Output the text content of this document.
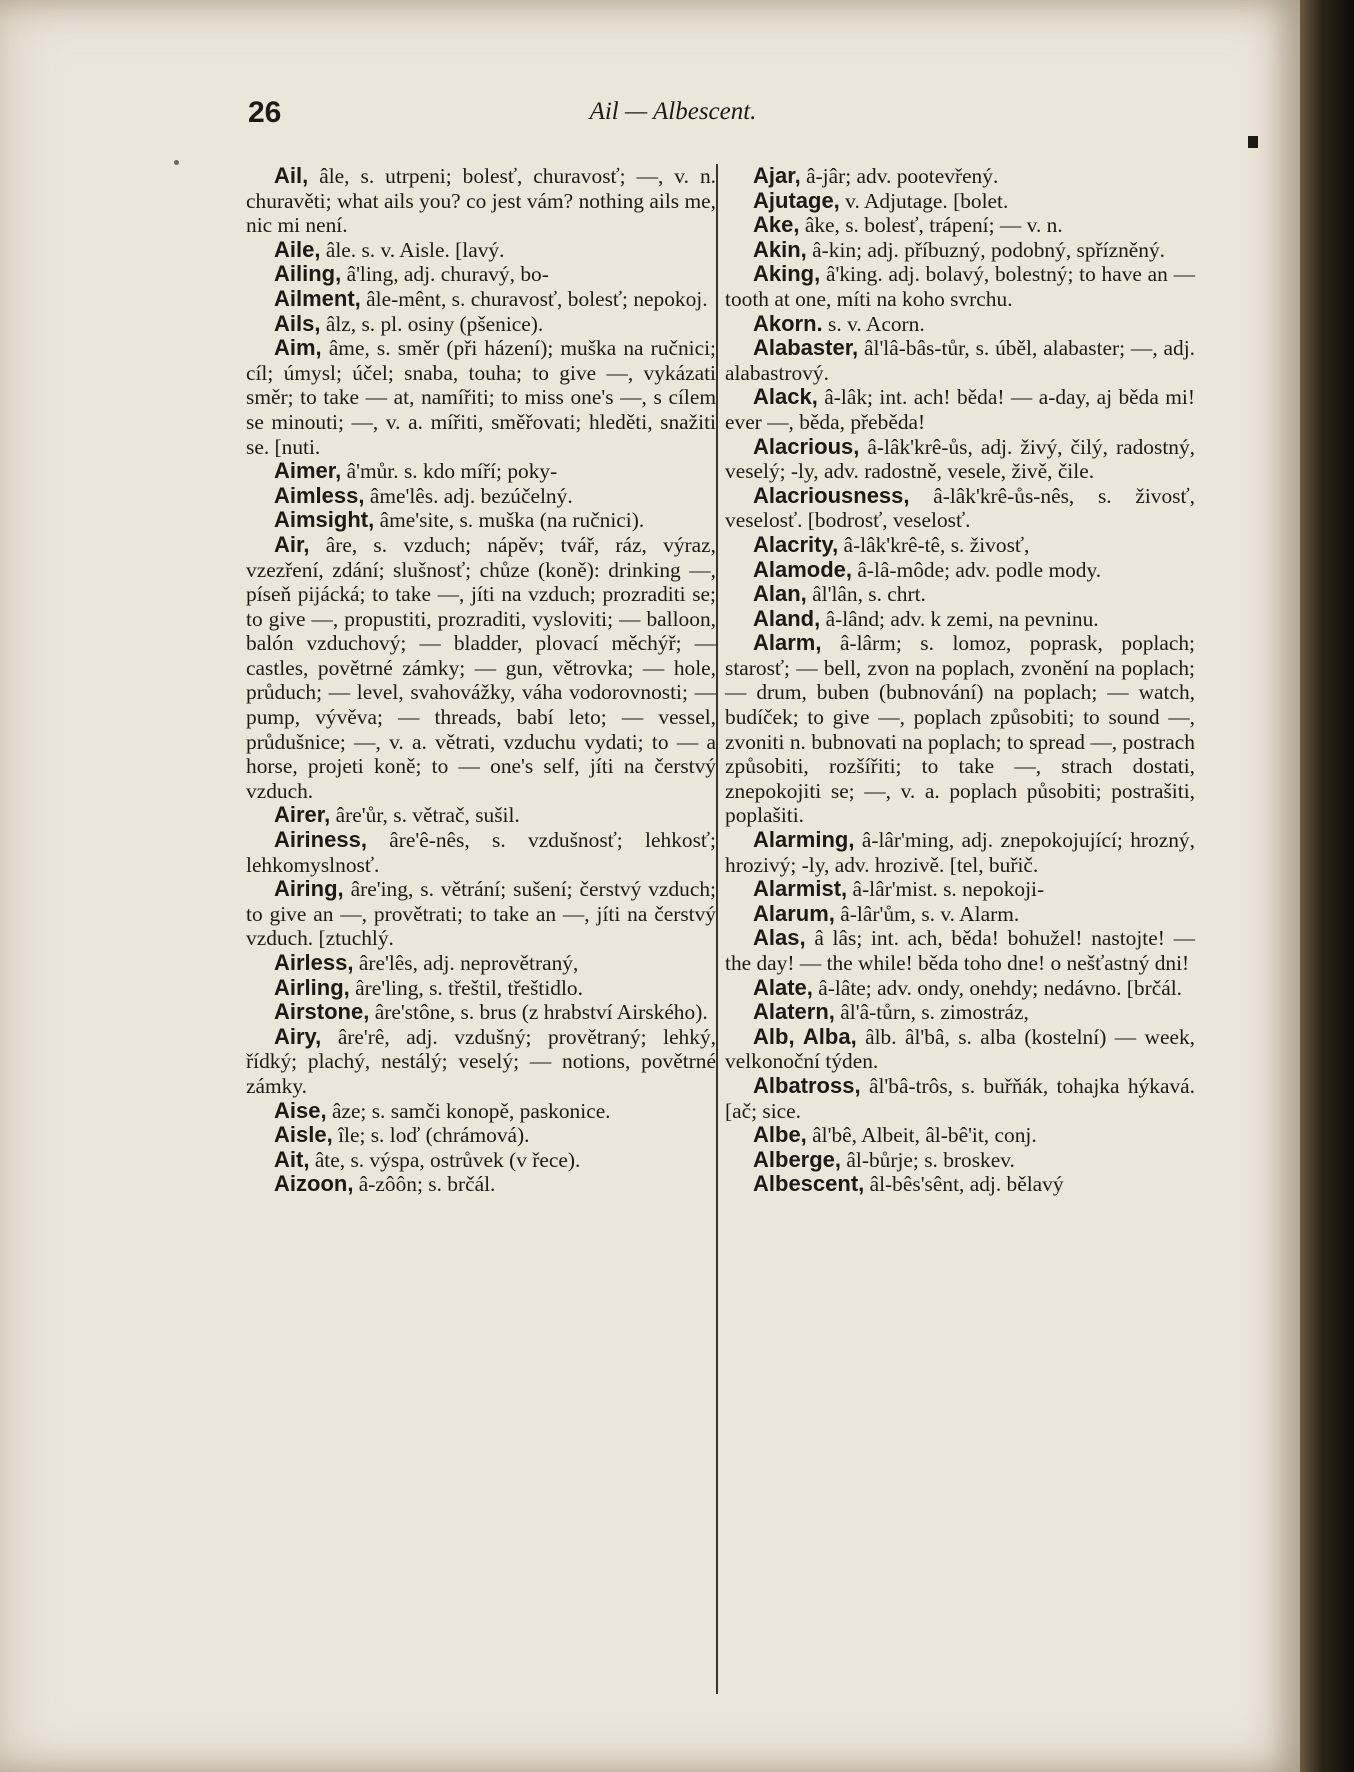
26	Ail — Albescent.

Ail, âle, s. utrpeni; bolesť, churavosť; —, v. n. churavěti; what ails you? co jest vám? nothing ails me, nic mi není.

Aile, âle. s. v. Aisle. [lavý.

Ailing, â'ling, adj. churavý, bo-

Ailment, âle-mênt, s. churavosť, bolesť; nepokoj.

Ails, âlz, s. pl. osiny (pšenice).

Aim, âme, s. směr (při házení); muška na ručnici; cíl; úmysl; účel; snaba, touha; to give —, vykázati směr; to take — at, namířiti; to miss one's —, s cílem se minouti; —, v. a. mířiti, směřovati; hleděti, snažiti se. [nuti.

Aimer, â'můr. s. kdo míří; poky-

Aimless, âme'lês. adj. bezúčelný.

Aimsight, âme'site, s. muška (na ručnici).

Air, âre, s. vzduch; nápěv; tvář, ráz, výraz, vzezření, zdání; slušnosť; chůze (koně): drinking —, píseň pijácká; to take —, jíti na vzduch; prozraditi se; to give —, propustiti, prozraditi, vysloviti; — balloon, balón vzduchový; — bladder, plovací měchýř; — castles, povětrné zámky; — gun, větrovka; — hole, průduch; — level, svahovážky, váha vodorovnosti; — pump, vývěva; — threads, babí leto; — vessel, průdušnice; —, v. a. větrati, vzduchu vydati; to — a horse, projeti koně; to — one's self, jíti na čerstvý vzduch.

Airer, âre'ůr, s. větrač, sušil.

Airiness, âre'ê-nês, s. vzdušnosť; lehkosť; lehkomyslnosť.

Airing, âre'ing, s. větrání; sušení; čerstvý vzduch; to give an —, provětrati; to take an —, jíti na čerstvý vzduch. [ztuchlý.

Airless, âre'lês, adj. neprovětraný,

Airling, âre'ling, s. třeštil, třeštidlo.

Airstone, âre'stône, s. brus (z hrabství Airského).

Airy, âre'rê, adj. vzdušný; provětraný; lehký, řídký; plachý, nestálý; veselý; — notions, povětrné zámky.

Aise, âze; s. samči konopě, paskonice.

Aisle, île; s. loď (chrámová).

Ait, âte, s. výspa, ostrůvek (v řece).

Aizoon, â-zôôn; s. brčál.

Ajar, â-jâr; adv. pootevřený.

Ajutage, v. Adjutage. [bolet.

Ake, âke, s. bolesť, trápení; — v. n.

Akin, â-kin; adj. příbuzný, podobný, spřízněný.

Aking, â'king. adj. bolavý, bolestný; to have an — tooth at one, míti na koho svrchu.

Akorn. s. v. Acorn.

Alabaster, âl'lâ-bâs-tůr, s. úběl, alabaster; —, adj. alabastrový.

Alack, â-lâk; int. ach! běda! — a-day, aj běda mi! ever —, běda, přeběda!

Alacrious, â-lâk'krê-ůs, adj. živý, čilý, radostný, veselý; -ly, adv. radostně, vesele, živě, čile.

Alacriousness, â-lâk'krê-ůs-nês, s. živosť, veselosť. [bodrosť, veselosť.

Alacrity, â-lâk'krê-tê, s. živosť,

Alamode, â-lâ-môde; adv. podle mody.

Alan, âl'lân, s. chrt.

Aland, â-lând; adv. k zemi, na pevninu.

Alarm, â-lârm; s. lomoz, poprask, poplach; starosť; — bell, zvon na poplach, zvonění na poplach; — drum, buben (bubnování) na poplach; — watch, budíček; to give —, poplach způsobiti; to sound —, zvoniti n. bubnovati na poplach; to spread —, postrach způsobiti, rozšířiti; to take —, strach dostati, znepokojiti se; —, v. a. poplach působiti; postrašiti, poplašiti.

Alarming, â-lâr'ming, adj. znepokojující; hrozný, hrozivý; -ly, adv. hrozivě. [tel, buřič.

Alarmist, â-lâr'mist. s. nepokoji-

Alarum, â-lâr'ům, s. v. Alarm.

Alas, â lâs; int. ach, běda! bohužel! nastojte! — the day! — the while! běda toho dne! o nešťastný dni!

Alate, â-lâte; adv. ondy, onehdy; nedávno. [brčál.

Alatern, âl'â-tůrn, s. zimostráz,

Alb, Alba, âlb. âl'bâ, s. alba (kostelní) — week, velkonoční týden.

Albatross, âl'bâ-trôs, s. buřňák, tohajka hýkavá. [ač; sice.

Albe, âl'bê, Albeit, âl-bê'it, conj.

Alberge, âl-bůrje; s. broskev.

Albescent, âl-bês'sênt, adj. bělavý
